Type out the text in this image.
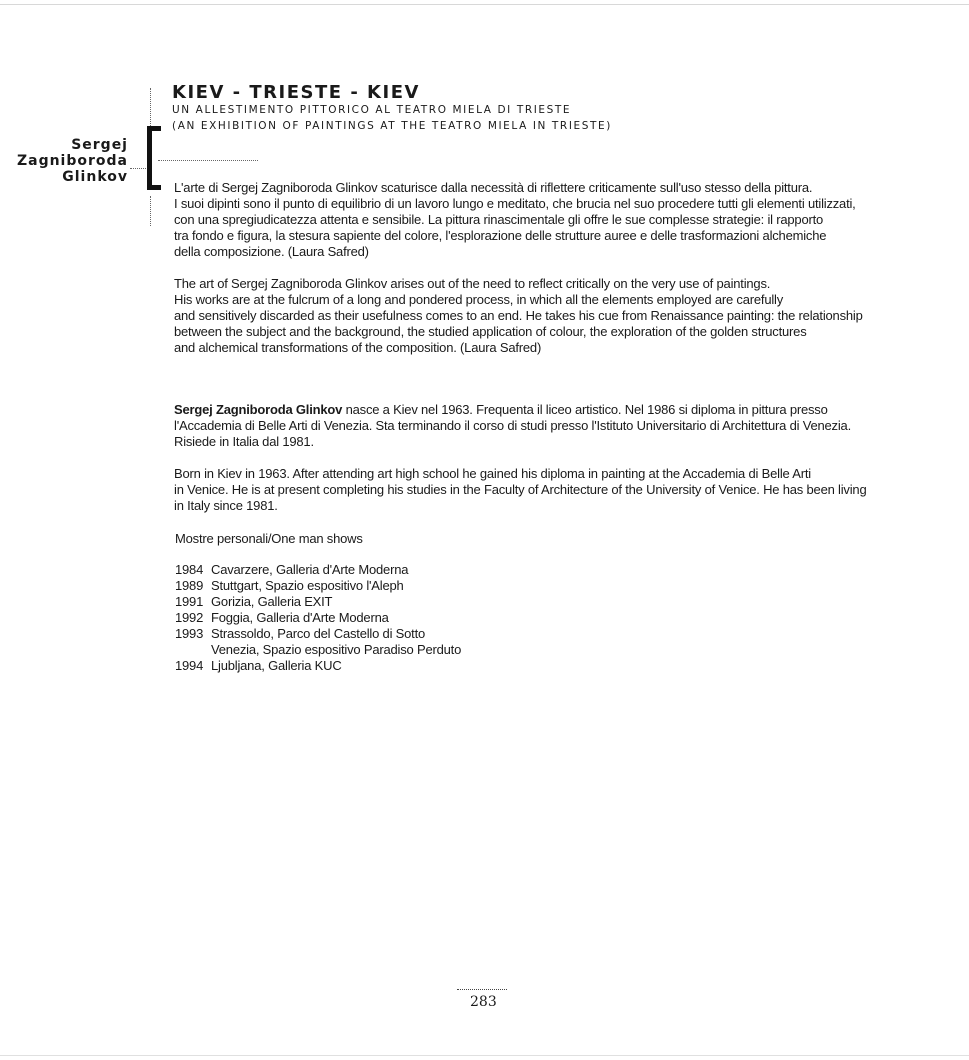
Sergej
Zagniboroda
Glinkov
KIEV - TRIESTE - KIEV
UN ALLESTIMENTO PITTORICO AL TEATRO MIELA DI TRIESTE
(AN EXHIBITION OF PAINTINGS AT THE TEATRO MIELA IN TRIESTE)

L'arte di Sergej Zagniboroda Glinkov scaturisce dalla necessità di riflettere criticamente sull'uso stesso della pittura.

I suoi dipinti sono il punto di equilibrio di un lavoro lungo e meditato, che brucia nel suo procedere tutti gli elementi utilizzati,

con una spregiudicatezza attenta e sensibile. La pittura rinascimentale gli offre le sue complesse strategie: il rapporto

tra fondo e figura, la stesura sapiente del colore, l'esplorazione delle strutture auree e delle trasformazioni alchemiche

della composizione. (Laura Safred)

The art of Sergej Zagniboroda Glinkov arises out of the need to reflect critically on the very use of paintings.

His works are at the fulcrum of a long and pondered process, in which all the elements employed are carefully

and sensitively discarded as their usefulness comes to an end. He takes his cue from Renaissance painting: the relationship

between the subject and the background, the studied application of colour, the exploration of the golden structures

and alchemical transformations of the composition. (Laura Safred)

Sergej Zagniboroda Glinkov nasce a Kiev nel 1963. Frequenta il liceo artistico. Nel 1986 si diploma in pittura presso

l'Accademia di Belle Arti di Venezia. Sta terminando il corso di studi presso l'Istituto Universitario di Architettura di Venezia.

Risiede in Italia dal 1981.

Born in Kiev in 1963. After attending art high school he gained his diploma in painting at the Accademia di Belle Arti

in Venice. He is at present completing his studies in the Faculty of Architecture of the University of Venice. He has been living

in Italy since 1981.

Mostre personali/One man shows
1984 Cavarzere, Galleria d'Arte Moderna
1989 Stuttgart, Spazio espositivo l'Aleph
1991 Gorizia, Galleria EXIT
1992 Foggia, Galleria d'Arte Moderna
1993 Strassoldo, Parco del Castello di Sotto
Venezia, Spazio espositivo Paradiso Perduto
1994 Ljubljana, Galleria KUC
283
